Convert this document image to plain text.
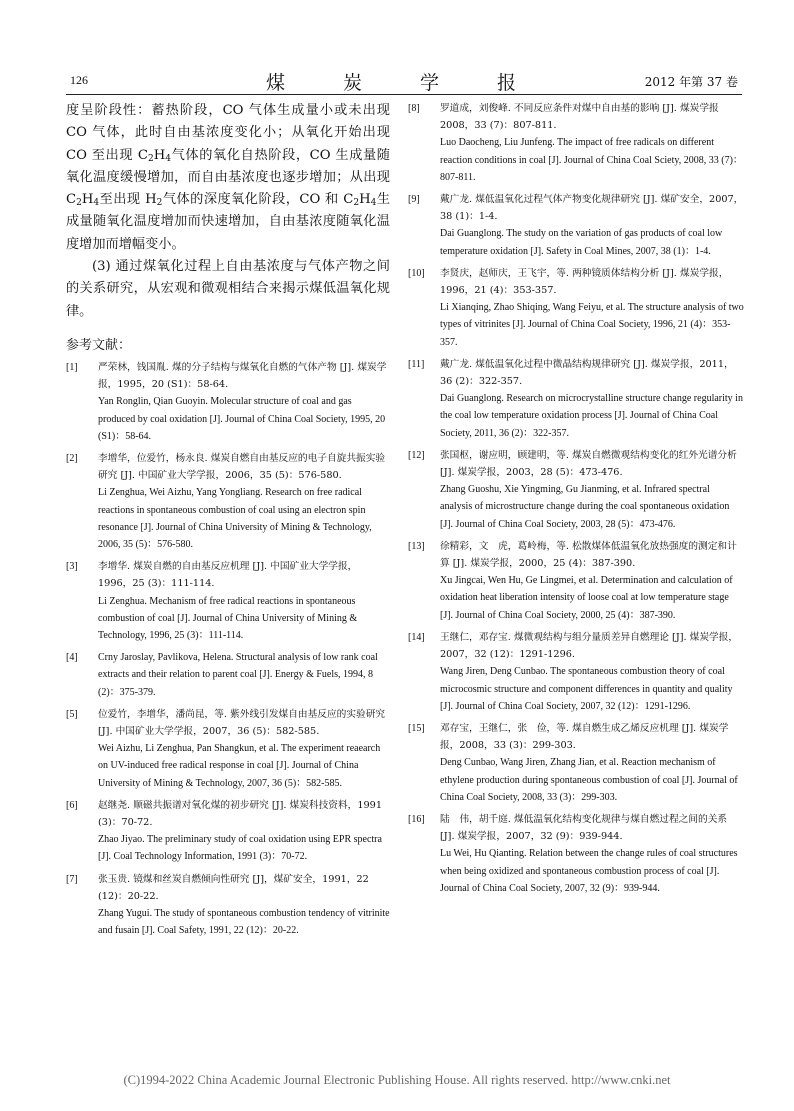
126	煤 炭 学 报	2012 年第 37 卷

度呈阶段性：蓄热阶段，CO 气体生成量小或未出现 CO 气体，此时自由基浓度变化小；从氧化开始出现 CO 至出现 $C_2H_4$气体的氧化自热阶段，CO 生成量随氧化温度缓慢增加，而自由基浓度也逐步增加；从出现 $C_2H_4$至出现 $H_2$气体的深度氧化阶段，CO 和 $C_2H_4$生成量随氧化温度增加而快速增加，自由基浓度随氧化温度增加而增幅变小。

(3) 通过煤氧化过程上自由基浓度与气体产物之间的关系研究，从宏观和微观相结合来揭示煤低温氧化规律。

参考文献：
[1] 严荣林，钱国胤. 煤的分子结构与煤氧化自燃的气体产物 [J]. 煤炭学报，1995，20 (S1)：58-64.
Yan Ronglin, Qian Guoyin. Molecular structure of coal and gas produced by coal oxidation [J]. Journal of China Coal Society, 1995, 20 (S1)：58-64.
[2] 李增华，位爱竹，杨永良. 煤炭自燃自由基反应的电子自旋共振实验研究 [J]. 中国矿业大学学报，2006，35 (5)：576-580.
Li Zenghua, Wei Aizhu, Yang Yongliang. Research on free radical reactions in spontaneous combustion of coal using an electron spin resonance [J]. Journal of China University of Mining & Technology, 2006, 35 (5)：576-580.
[3] 李增华. 煤炭自燃的自由基反应机理 [J]. 中国矿业大学学报，1996，25 (3)：111-114.
Li Zenghua. Mechanism of free radical reactions in spontaneous combustion of coal [J]. Journal of China University of Mining & Technology, 1996, 25 (3)：111-114.
[4] Crny Jaroslay, Pavlikova, Helena. Structural analysis of low rank coal extracts and their relation to parent coal [J]. Energy & Fuels, 1994, 8 (2)：375-379.
[5] 位爱竹，李增华，潘尚昆，等. 紫外线引发煤自由基反应的实验研究 [J]. 中国矿业大学学报，2007，36 (5)：582-585.
Wei Aizhu, Li Zenghua, Pan Shangkun, et al. The experiment reaearch on UV-induced free radical response in coal [J]. Journal of China University of Mining & Technology, 2007, 36 (5)：582-585.
[6] 赵继尧. 顺磁共振谱对氧化煤的初步研究 [J]. 煤炭科技资料，1991 (3)：70-72.
Zhao Jiyao. The preliminary study of coal oxidation using EPR spectra [J]. Coal Technology Information, 1991 (3)：70-72.
[7] 张玉贵. 镜煤和丝炭自燃倾向性研究 [J]，煤矿安全，1991，22 (12)：20-22.
Zhang Yugui. The study of spontaneous combustion tendency of vitrinite and fusain [J]. Coal Safety, 1991, 22 (12)：20-22.
[8] 罗道成，刘俊峰. 不同反应条件对煤中自由基的影响 [J]. 煤炭学报 2008，33 (7)：807-811.
Luo Daocheng, Liu Junfeng. The impact of free radicals on different reaction conditions in coal [J]. Journal of China Coal Sciety, 2008, 33 (7)：807-811.
[9] 戴广龙. 煤低温氧化过程气体产物变化规律研究 [J]. 煤矿安全，2007，38 (1)：1-4.
Dai Guanglong. The study on the variation of gas products of coal low temperature oxidation [J]. Safety in Coal Mines, 2007, 38 (1)：1-4.
[10] 李贤庆，赵师庆，王飞宇，等. 两种镜质体结构分析 [J]. 煤炭学报，1996，21 (4)：353-357.
Li Xianqing, Zhao Shiqing, Wang Feiyu, et al. The structure analysis of two types of vitrinites [J]. Journal of China Coal Society, 1996, 21 (4)：353-357.
[11] 戴广龙. 煤低温氧化过程中微晶结构规律研究 [J]. 煤炭学报，2011，36 (2)：322-357.
Dai Guanglong. Research on microcrystalline structure change regularity in the coal low temperature oxidation process [J]. Journal of China Coal Society, 2011, 36 (2)：322-357.
[12] 张国枢，谢应明，顾建明，等. 煤炭自燃微观结构变化的红外光谱分析 [J]. 煤炭学报，2003，28 (5)：473-476.
Zhang Guoshu, Xie Yingming, Gu Jianming, et al. Infrared spectral analysis of microstructure change during the coal spontaneous oxidation [J]. Journal of China Coal Society, 2003, 28 (5)：473-476.
[13] 徐精彩，文　虎，葛岭梅，等. 松散煤体低温氧化放热强度的测定和计算 [J]. 煤炭学报，2000，25 (4)：387-390.
Xu Jingcai, Wen Hu, Ge Lingmei, et al. Determination and calculation of oxidation heat liberation intensity of loose coal at low temperature stage [J]. Journal of China Coal Society, 2000, 25 (4)：387-390.
[14] 王继仁，邓存宝. 煤微观结构与组分量质差异自燃理论 [J]. 煤炭学报，2007，32 (12)：1291-1296.
Wang Jiren, Deng Cunbao. The spontaneous combustion theory of coal microcosmic structure and component differences in quantity and quality [J]. Journal of China Coal Society, 2007, 32 (12)：1291-1296.
[15] 邓存宝，王继仁，张　俭，等. 煤自燃生成乙烯反应机理 [J]. 煤炭学报，2008，33 (3)：299-303.
Deng Cunbao, Wang Jiren, Zhang Jian, et al. Reaction mechanism of ethylene production during spontaneous combustion of coal [J]. Journal of China Coal Society, 2008, 33 (3)：299-303.
[16] 陆　伟，胡千庭. 煤低温氧化结构变化规律与煤自燃过程之间的关系 [J]. 煤炭学报，2007，32 (9)：939-944.
Lu Wei, Hu Qianting. Relation between the change rules of coal structures when being oxidized and spontaneous combustion process of coal [J]. Journal of China Coal Society, 2007, 32 (9)：939-944.
(C)1994-2022 China Academic Journal Electronic Publishing House. All rights reserved. http://www.cnki.net
